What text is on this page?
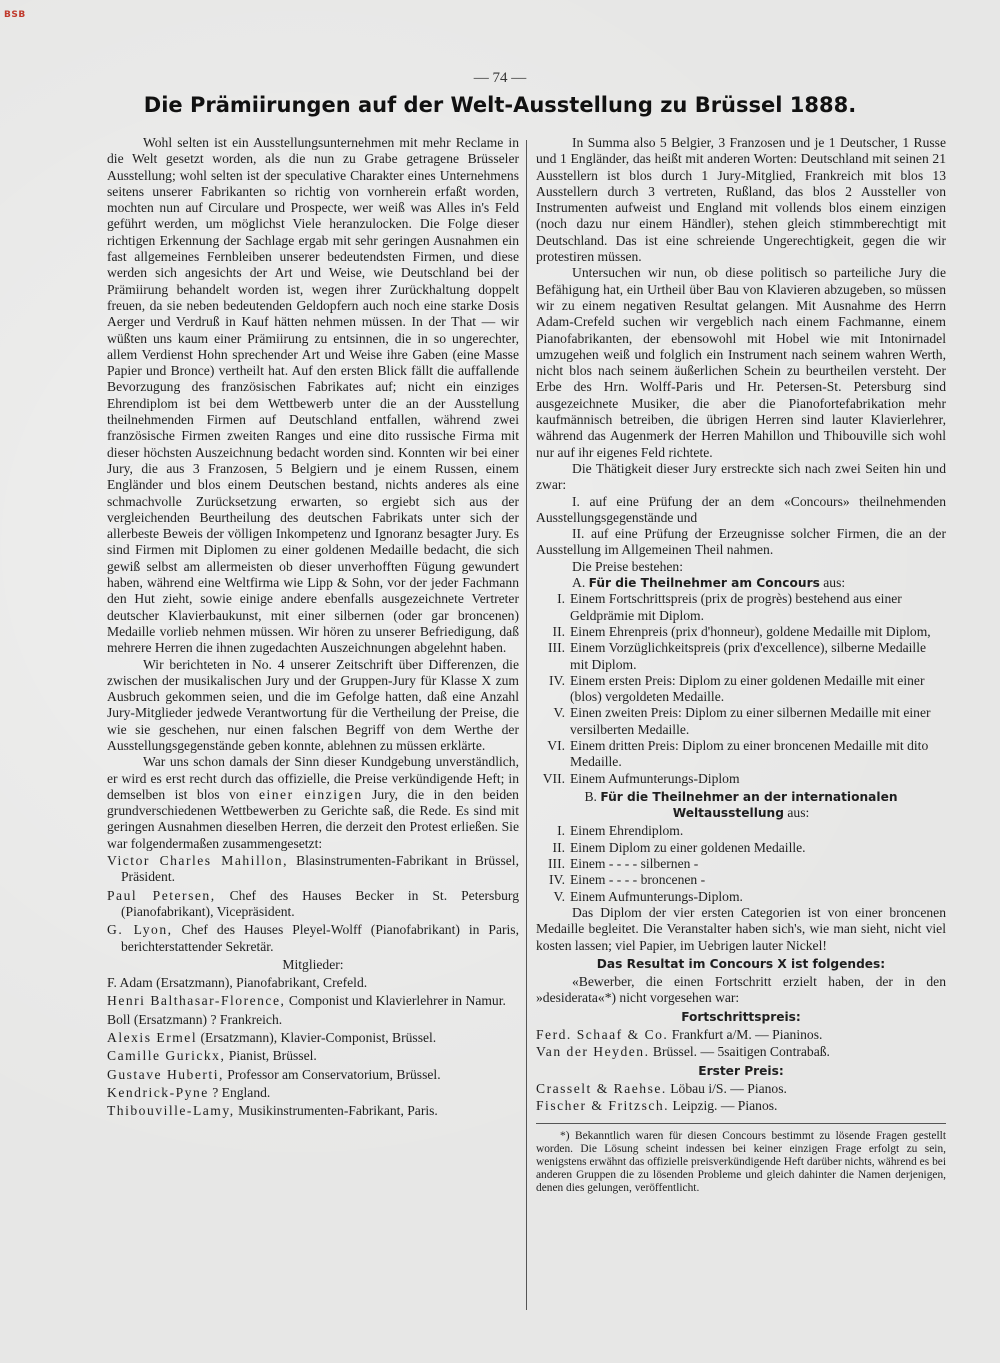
BSB
— 74 —
Die Prämiirungen auf der Welt-Ausstellung zu Brüssel 1888.

Wohl selten ist ein Ausstellungsunternehmen mit mehr Reclame in die Welt gesetzt worden, als die nun zu Grabe getragene Brüsseler Ausstellung; wohl selten ist der speculative Charakter eines Unternehmens seitens unserer Fabrikanten so richtig von vornherein erfaßt worden, mochten nun auf Circulare und Prospecte, wer weiß was Alles in's Feld geführt werden, um möglichst Viele heranzulocken. Die Folge dieser richtigen Erkennung der Sachlage ergab mit sehr geringen Ausnahmen ein fast allgemeines Fernbleiben unserer bedeutendsten Firmen, und diese werden sich angesichts der Art und Weise, wie Deutschland bei der Prämiirung behandelt worden ist, wegen ihrer Zurückhaltung doppelt freuen, da sie neben bedeutenden Geldopfern auch noch eine starke Dosis Aerger und Verdruß in Kauf hätten nehmen müssen. In der That — wir wüßten uns kaum einer Prämiirung zu entsinnen, die in so ungerechter, allem Verdienst Hohn sprechender Art und Weise ihre Gaben (eine Masse Papier und Bronce) vertheilt hat. Auf den ersten Blick fällt die auffallende Bevorzugung des französischen Fabrikates auf; nicht ein einziges Ehrendiplom ist bei dem Wettbewerb unter die an der Ausstellung theilnehmenden Firmen auf Deutschland entfallen, während zwei französische Firmen zweiten Ranges und eine dito russische Firma mit dieser höchsten Auszeichnung bedacht worden sind. Konnten wir bei einer Jury, die aus 3 Franzosen, 5 Belgiern und je einem Russen, einem Engländer und blos einem Deutschen bestand, nichts anderes als eine schmachvolle Zurücksetzung erwarten, so ergiebt sich aus der vergleichenden Beurtheilung des deutschen Fabrikats unter sich der allerbeste Beweis der völligen Inkompetenz und Ignoranz besagter Jury. Es sind Firmen mit Diplomen zu einer goldenen Medaille bedacht, die sich gewiß selbst am allermeisten ob dieser unverhofften Fügung gewundert haben, während eine Weltfirma wie Lipp & Sohn, vor der jeder Fachmann den Hut zieht, sowie einige andere ebenfalls ausgezeichnete Vertreter deutscher Klavierbaukunst, mit einer silbernen (oder gar broncenen) Medaille vorlieb nehmen müssen. Wir hören zu unserer Befriedigung, daß mehrere Herren die ihnen zugedachten Auszeichnungen abgelehnt haben.

Wir berichteten in No. 4 unserer Zeitschrift über Differenzen, die zwischen der musikalischen Jury und der Gruppen-Jury für Klasse X zum Ausbruch gekommen seien, und die im Gefolge hatten, daß eine Anzahl Jury-Mitglieder jedwede Verantwortung für die Vertheilung der Preise, die wie sie geschehen, nur einen falschen Begriff von dem Werthe der Ausstellungsgegenstände geben konnte, ablehnen zu müssen erklärte.

War uns schon damals der Sinn dieser Kundgebung unverständlich, er wird es erst recht durch das offizielle, die Preise verkündigende Heft; in demselben ist blos von einer einzigen Jury, die in den beiden grundverschiedenen Wettbewerben zu Gerichte saß, die Rede. Es sind mit geringen Ausnahmen dieselben Herren, die derzeit den Protest erließen. Sie war folgendermaßen zusammengesetzt:

Victor Charles Mahillon, Blasinstrumenten-Fabrikant in Brüssel, Präsident.

Paul Petersen, Chef des Hauses Becker in St. Petersburg (Pianofabrikant), Vicepräsident.

G. Lyon, Chef des Hauses Pleyel-Wolff (Pianofabrikant) in Paris, berichterstattender Sekretär.

Mitglieder:

F. Adam (Ersatzmann), Pianofabrikant, Crefeld.

Henri Balthasar-Florence, Componist und Klavierlehrer in Namur.

Boll (Ersatzmann) ? Frankreich.

Alexis Ermel (Ersatzmann), Klavier-Componist, Brüssel.

Camille Gurickx, Pianist, Brüssel.

Gustave Huberti, Professor am Conservatorium, Brüssel.

Kendrick-Pyne ? England.

Thibouville-Lamy, Musikinstrumenten-Fabrikant, Paris.

In Summa also 5 Belgier, 3 Franzosen und je 1 Deutscher, 1 Russe und 1 Engländer, das heißt mit anderen Worten: Deutschland mit seinen 21 Ausstellern ist blos durch 1 Jury-Mitglied, Frankreich mit blos 13 Ausstellern durch 3 vertreten, Rußland, das blos 2 Aussteller von Instrumenten aufweist und England mit vollends blos einem einzigen (noch dazu nur einem Händler), stehen gleich stimmberechtigt mit Deutschland. Das ist eine schreiende Ungerechtigkeit, gegen die wir protestiren müssen.

Untersuchen wir nun, ob diese politisch so parteiliche Jury die Befähigung hat, ein Urtheil über Bau von Klavieren abzugeben, so müssen wir zu einem negativen Resultat gelangen. Mit Ausnahme des Herrn Adam-Crefeld suchen wir vergeblich nach einem Fachmanne, einem Pianofabrikanten, der ebensowohl mit Hobel wie mit Intonirnadel umzugehen weiß und folglich ein Instrument nach seinem wahren Werth, nicht blos nach seinem äußerlichen Schein zu beurtheilen versteht. Der Erbe des Hrn. Wolff-Paris und Hr. Petersen-St. Petersburg sind ausgezeichnete Musiker, die aber die Pianofortefabrikation mehr kaufmännisch betreiben, die übrigen Herren sind lauter Klavierlehrer, während das Augenmerk der Herren Mahillon und Thibouville sich wohl nur auf ihr eigenes Feld richtete.

Die Thätigkeit dieser Jury erstreckte sich nach zwei Seiten hin und zwar:

I. auf eine Prüfung der an dem «Concours» theilnehmenden Ausstellungsgegenstände und

II. auf eine Prüfung der Erzeugnisse solcher Firmen, die an der Ausstellung im Allgemeinen Theil nahmen.

Die Preise bestehen:

A. Für die Theilnehmer am Concours aus:

I. Einem Fortschrittspreis (prix de progrès) bestehend aus einer Geldprämie mit Diplom.
II. Einem Ehrenpreis (prix d'honneur), goldene Medaille mit Diplom,
III. Einem Vorzüglichkeitspreis (prix d'excellence), silberne Medaille mit Diplom.
IV. Einem ersten Preis: Diplom zu einer goldenen Medaille mit einer (blos) vergoldeten Medaille.
V. Einen zweiten Preis: Diplom zu einer silbernen Medaille mit einer versilberten Medaille.
VI. Einem dritten Preis: Diplom zu einer broncenen Medaille mit dito Medaille.
VII. Einem Aufmunterungs-Diplom

B. Für die Theilnehmer an der internationalen Weltausstellung aus:

I. Einem Ehrendiplom.
II. Einem Diplom zu einer goldenen Medaille.
III. Einem - - - - silbernen -
IV. Einem - - - - broncenen -
V. Einem Aufmunterungs-Diplom.

Das Diplom der vier ersten Categorien ist von einer broncenen Medaille begleitet. Die Veranstalter haben sich's, wie man sieht, nicht viel kosten lassen; viel Papier, im Uebrigen lauter Nickel!

Das Resultat im Concours X ist folgendes:

«Bewerber, die einen Fortschritt erzielt haben, der in den »desiderata«*) nicht vorgesehen war:

Fortschrittspreis:

Ferd. Schaaf & Co. Frankfurt a/M. — Pianinos.

Van der Heyden. Brüssel. — 5saitigen Contrabaß.

Erster Preis:

Crasselt & Raehse. Löbau i/S. — Pianos.

Fischer & Fritzsch. Leipzig. — Pianos.

*) Bekanntlich waren für diesen Concours bestimmt zu lösende Fragen gestellt worden. Die Lösung scheint indessen bei keiner einzigen Frage erfolgt zu sein, wenigstens erwähnt das offizielle preisverkündigende Heft darüber nichts, während es bei anderen Gruppen die zu lösenden Probleme und gleich dahinter die Namen derjenigen, denen dies gelungen, veröffentlicht.
